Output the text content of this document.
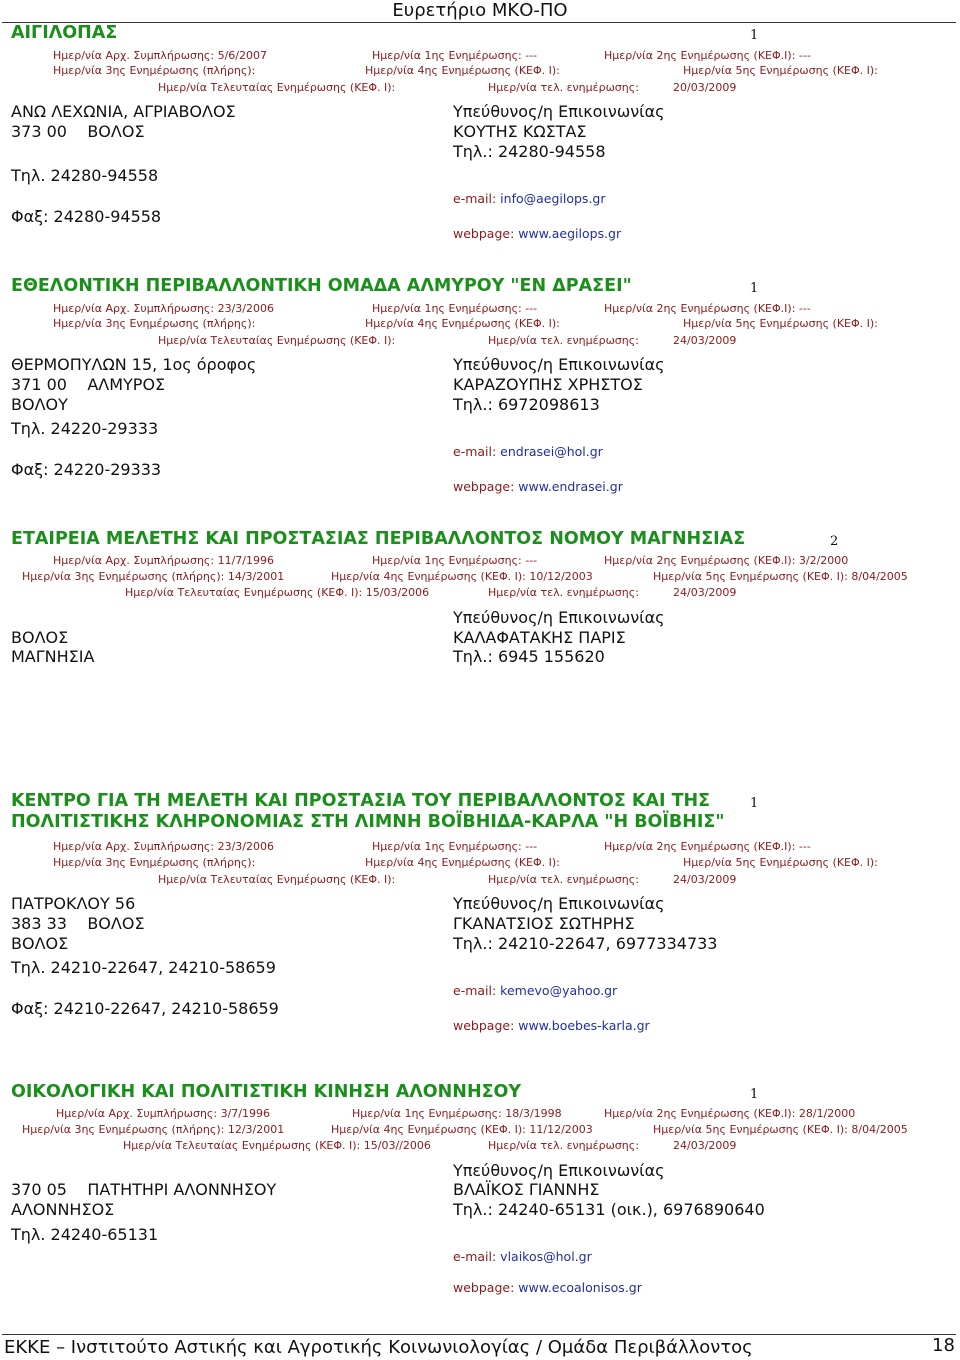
Ευρετήριο ΜΚΟ-ΠΟ
ΑΙΓΙΛΟΠΑΣ	1
Ημερ/νία Αρχ. Συμπλήρωσης: 5/6/2007	Ημερ/νία 1ης Ενημέρωσης: ---	Ημερ/νία 2ης Ενημέρωσης (ΚΕΦ.Ι): ---
Ημερ/νία 3ης Ενημέρωσης (πλήρης):	Ημερ/νία 4ης Ενημέρωσης (ΚΕΦ. Ι):	Ημερ/νία 5ης Ενημέρωσης (ΚΕΦ. Ι):
Ημερ/νία Τελευταίας Ενημέρωσης (ΚΕΦ. Ι):	Ημερ/νία τελ. ενημέρωσης:	20/03/2009
ΑΝΩ ΛΕΧΩΝΙΑ, ΑΓΡΙΑΒΟΛΟΣ
373 00    ΒΟΛΟΣ
Τηλ. 24280-94558
Φαξ: 24280-94558
Υπεύθυνος/η Επικοινωνίας
ΚΟΥΤΗΣ ΚΩΣΤΑΣ
Τηλ.: 24280-94558
e-mail: info@aegilops.gr
webpage: www.aegilops.gr
ΕΘΕΛΟΝΤΙΚΗ ΠΕΡΙΒΑΛΛΟΝΤΙΚΗ ΟΜΑΔΑ ΑΛΜΥΡΟΥ "ΕΝ ΔΡΑΣΕΙ"	1
Ημερ/νία Αρχ. Συμπλήρωσης: 23/3/2006	Ημερ/νία 1ης Ενημέρωσης: ---	Ημερ/νία 2ης Ενημέρωσης (ΚΕΦ.Ι): ---
Ημερ/νία 3ης Ενημέρωσης (πλήρης):	Ημερ/νία 4ης Ενημέρωσης (ΚΕΦ. Ι):	Ημερ/νία 5ης Ενημέρωσης (ΚΕΦ. Ι):
Ημερ/νία Τελευταίας Ενημέρωσης (ΚΕΦ. Ι):	Ημερ/νία τελ. ενημέρωσης:	24/03/2009
ΘΕΡΜΟΠΥΛΩΝ 15, 1ος όροφος
371 00    ΑΛΜΥΡΟΣ
ΒΟΛΟΥ
Τηλ. 24220-29333
Φαξ: 24220-29333
Υπεύθυνος/η Επικοινωνίας
ΚΑΡΑΖΟΥΠΗΣ ΧΡΗΣΤΟΣ
Τηλ.: 6972098613
e-mail: endrasei@hol.gr
webpage: www.endrasei.gr
ΕΤΑΙΡΕΙΑ ΜΕΛΕΤΗΣ ΚΑΙ ΠΡΟΣΤΑΣΙΑΣ ΠΕΡΙΒΑΛΛΟΝΤΟΣ ΝΟΜΟΥ ΜΑΓΝΗΣΙΑΣ	2
Ημερ/νία Αρχ. Συμπλήρωσης: 11/7/1996	Ημερ/νία 1ης Ενημέρωσης: ---	Ημερ/νία 2ης Ενημέρωσης (ΚΕΦ.Ι): 3/2/2000
Ημερ/νία 3ης Ενημέρωσης (πλήρης): 14/3/2001	Ημερ/νία 4ης Ενημέρωσης (ΚΕΦ. Ι): 10/12/2003	Ημερ/νία 5ης Ενημέρωσης (ΚΕΦ. Ι): 8/04/2005
Ημερ/νία Τελευταίας Ενημέρωσης (ΚΕΦ. Ι): 15/03/2006	Ημερ/νία τελ. ενημέρωσης:	24/03/2009
ΒΟΛΟΣ
ΜΑΓΝΗΣΙΑ
Υπεύθυνος/η Επικοινωνίας
ΚΑΛΑΦΑΤΑΚΗΣ ΠΑΡΙΣ
Τηλ.: 6945 155620
ΚΕΝΤΡΟ ΓΙΑ ΤΗ ΜΕΛΕΤΗ ΚΑΙ ΠΡΟΣΤΑΣΙΑ ΤΟΥ ΠΕΡΙΒΑΛΛΟΝΤΟΣ ΚΑΙ ΤΗΣ
ΠΟΛΙΤΙΣΤΙΚΗΣ ΚΛΗΡΟΝΟΜΙΑΣ ΣΤΗ ΛΙΜΝΗ ΒΟΪΒΗΙΔΑ-ΚΑΡΛΑ "Η ΒΟΪΒΗΙΣ"
1
Ημερ/νία Αρχ. Συμπλήρωσης: 23/3/2006	Ημερ/νία 1ης Ενημέρωσης: ---	Ημερ/νία 2ης Ενημέρωσης (ΚΕΦ.Ι): ---
Ημερ/νία 3ης Ενημέρωσης (πλήρης):	Ημερ/νία 4ης Ενημέρωσης (ΚΕΦ. Ι):	Ημερ/νία 5ης Ενημέρωσης (ΚΕΦ. Ι):
Ημερ/νία Τελευταίας Ενημέρωσης (ΚΕΦ. Ι):	Ημερ/νία τελ. ενημέρωσης:	24/03/2009
ΠΑΤΡΟΚΛΟΥ 56
383 33    ΒΟΛΟΣ
ΒΟΛΟΣ
Τηλ. 24210-22647, 24210-58659
Φαξ: 24210-22647, 24210-58659
Υπεύθυνος/η Επικοινωνίας
ΓΚΑΝΑΤΣΙΟΣ ΣΩΤΗΡΗΣ
Τηλ.: 24210-22647, 6977334733
e-mail: kemevo@yahoo.gr
webpage: www.boebes-karla.gr
ΟΙΚΟΛΟΓΙΚΗ ΚΑΙ ΠΟΛΙΤΙΣΤΙΚΗ ΚΙΝΗΣΗ ΑΛΟΝΝΗΣΟΥ	1
Ημερ/νία Αρχ. Συμπλήρωσης: 3/7/1996	Ημερ/νία 1ης Ενημέρωσης: 18/3/1998	Ημερ/νία 2ης Ενημέρωσης (ΚΕΦ.Ι): 28/1/2000
Ημερ/νία 3ης Ενημέρωσης (πλήρης): 12/3/2001	Ημερ/νία 4ης Ενημέρωσης (ΚΕΦ. Ι): 11/12/2003	Ημερ/νία 5ης Ενημέρωσης (ΚΕΦ. Ι): 8/04/2005
Ημερ/νία Τελευταίας Ενημέρωσης (ΚΕΦ. Ι): 15/03//2006	Ημερ/νία τελ. ενημέρωσης:	24/03/2009
370 05    ΠΑΤΗΤΗΡΙ ΑΛΟΝΝΗΣΟΥ
ΑΛΟΝΝΗΣΟΣ
Τηλ. 24240-65131
Υπεύθυνος/η Επικοινωνίας
ΒΛΑΪΚΟΣ ΓΙΑΝΝΗΣ
Τηλ.: 24240-65131 (οικ.), 6976890640
e-mail: vlaikos@hol.gr
webpage: www.ecoalonisos.gr
ΕΚΚΕ – Ινστιτούτο Αστικής και Αγροτικής Κοινωνιολογίας / Ομάδα Περιβάλλοντος	18
